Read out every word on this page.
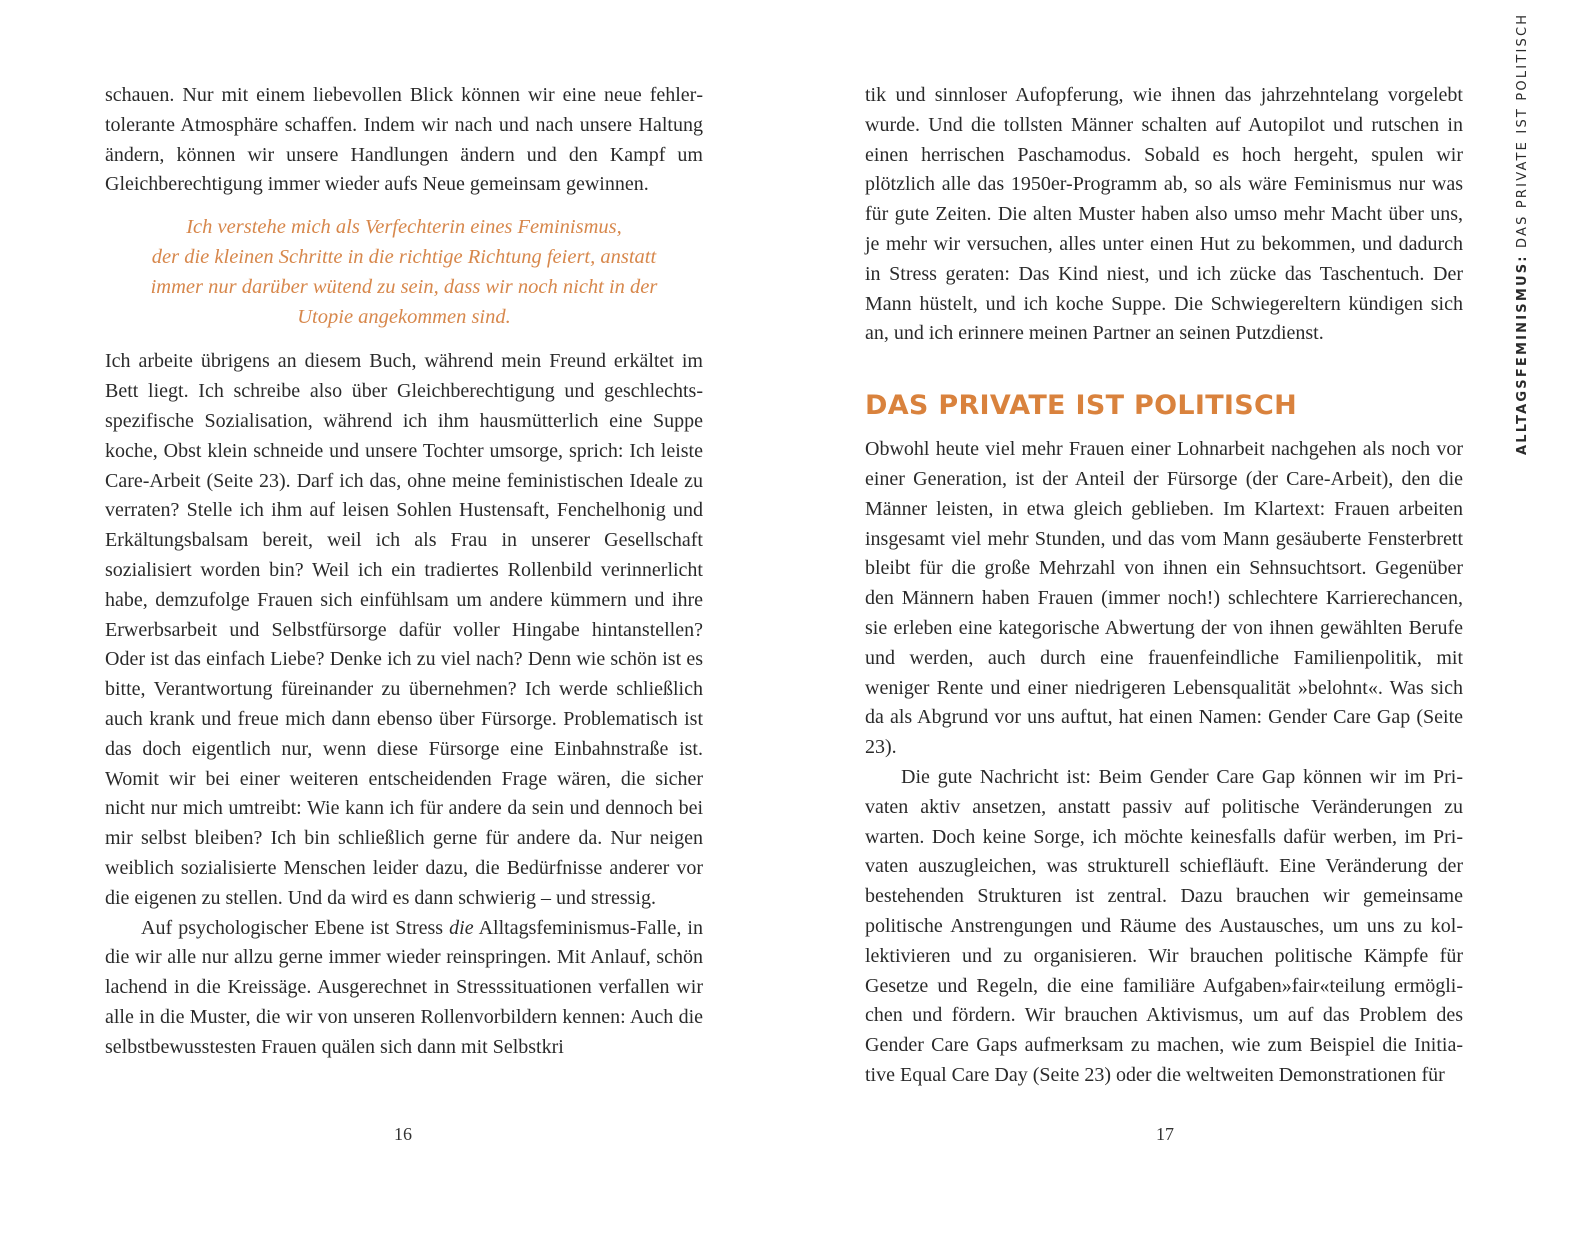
schauen. Nur mit einem liebevollen Blick können wir eine neue fehlertolerante Atmosphäre schaffen. Indem wir nach und nach unsere Haltung ändern, können wir unsere Handlungen ändern und den Kampf um Gleichberechtigung immer wieder aufs Neue gemeinsam gewinnen.

Ich verstehe mich als Verfechterin eines Feminismus,
der die kleinen Schritte in die richtige Richtung feiert, anstatt
immer nur darüber wütend zu sein, dass wir noch nicht in der
Utopie angekommen sind.

Ich arbeite übrigens an diesem Buch, während mein Freund erkältet im Bett liegt. Ich schreibe also über Gleichberechtigung und geschlechtsspezifische Sozialisation, während ich ihm hausmütterlich eine Suppe koche, Obst klein schneide und unsere Tochter umsorge, sprich: Ich leiste Care-Arbeit (Seite 23). Darf ich das, ohne meine feministischen Ideale zu verraten? Stelle ich ihm auf leisen Sohlen Hustensaft, Fenchelhonig und Erkältungsbalsam bereit, weil ich als Frau in unserer Gesellschaft sozialisiert worden bin? Weil ich ein tradiertes Rollenbild verinnerlicht habe, demzufolge Frauen sich einfühlsam um andere kümmern und ihre Erwerbsarbeit und Selbstfürsorge dafür voller Hingabe hintanstellen? Oder ist das einfach Liebe? Denke ich zu viel nach? Denn wie schön ist es bitte, Verantwortung füreinander zu übernehmen? Ich werde schließlich auch krank und freue mich dann ebenso über Fürsorge. Problematisch ist das doch eigentlich nur, wenn diese Fürsorge eine Einbahnstraße ist. Womit wir bei einer weiteren entscheidenden Frage wären, die sicher nicht nur mich umtreibt: Wie kann ich für andere da sein und dennoch bei mir selbst bleiben? Ich bin schließlich gerne für andere da. Nur neigen weiblich sozialisierte Menschen leider dazu, die Bedürfnisse anderer vor die eigenen zu stellen. Und da wird es dann schwierig – und stressig.

Auf psychologischer Ebene ist Stress die Alltagsfeminismus-Falle, in die wir alle nur allzu gerne immer wieder reinspringen. Mit Anlauf, schön lachend in die Kreissäge. Ausgerechnet in Stresssituationen verfallen wir alle in die Muster, die wir von unseren Rollenvorbildern kennen: Auch die selbstbewusstesten Frauen quälen sich dann mit Selbstkri

16

tik und sinnloser Aufopferung, wie ihnen das jahrzehntelang vorgelebt wurde. Und die tollsten Männer schalten auf Autopilot und rutschen in einen herrischen Paschamodus. Sobald es hoch hergeht, spulen wir plötzlich alle das 1950er-Programm ab, so als wäre Feminismus nur was für gute Zeiten. Die alten Muster haben also umso mehr Macht über uns, je mehr wir versuchen, alles unter einen Hut zu bekommen, und dadurch in Stress geraten: Das Kind niest, und ich zücke das Taschentuch. Der Mann hüstelt, und ich koche Suppe. Die Schwiegereltern kündigen sich an, und ich erinnere meinen Partner an seinen Putzdienst.

DAS PRIVATE IST POLITISCH

Obwohl heute viel mehr Frauen einer Lohnarbeit nachgehen als noch vor einer Generation, ist der Anteil der Fürsorge (der Care-Arbeit), den die Männer leisten, in etwa gleich geblieben. Im Klartext: Frauen arbeiten insgesamt viel mehr Stunden, und das vom Mann gesäuberte Fensterbrett bleibt für die große Mehrzahl von ihnen ein Sehnsuchtsort. Gegenüber den Männern haben Frauen (immer noch!) schlechtere Karrierechancen, sie erleben eine kategorische Abwertung der von ihnen gewählten Berufe und werden, auch durch eine frauenfeindliche Familienpolitik, mit weniger Rente und einer niedrigeren Lebensqualität »belohnt«. Was sich da als Abgrund vor uns auftut, hat einen Namen: Gender Care Gap (Seite 23).

Die gute Nachricht ist: Beim Gender Care Gap können wir im Privaten aktiv ansetzen, anstatt passiv auf politische Veränderungen zu warten. Doch keine Sorge, ich möchte keinesfalls dafür werben, im Privaten auszugleichen, was strukturell schiefläuft. Eine Veränderung der bestehenden Strukturen ist zentral. Dazu brauchen wir gemeinsame politische Anstrengungen und Räume des Austausches, um uns zu kollektivieren und zu organisieren. Wir brauchen politische Kämpfe für Gesetze und Regeln, die eine familiäre Aufgaben»fair«teilung ermöglichen und fördern. Wir brauchen Aktivismus, um auf das Problem des Gender Care Gaps aufmerksam zu machen, wie zum Beispiel die Initiative Equal Care Day (Seite 23) oder die weltweiten Demonstrationen für

17
ALLTAGSFEMINISMUS: DAS PRIVATE IST POLITISCH
